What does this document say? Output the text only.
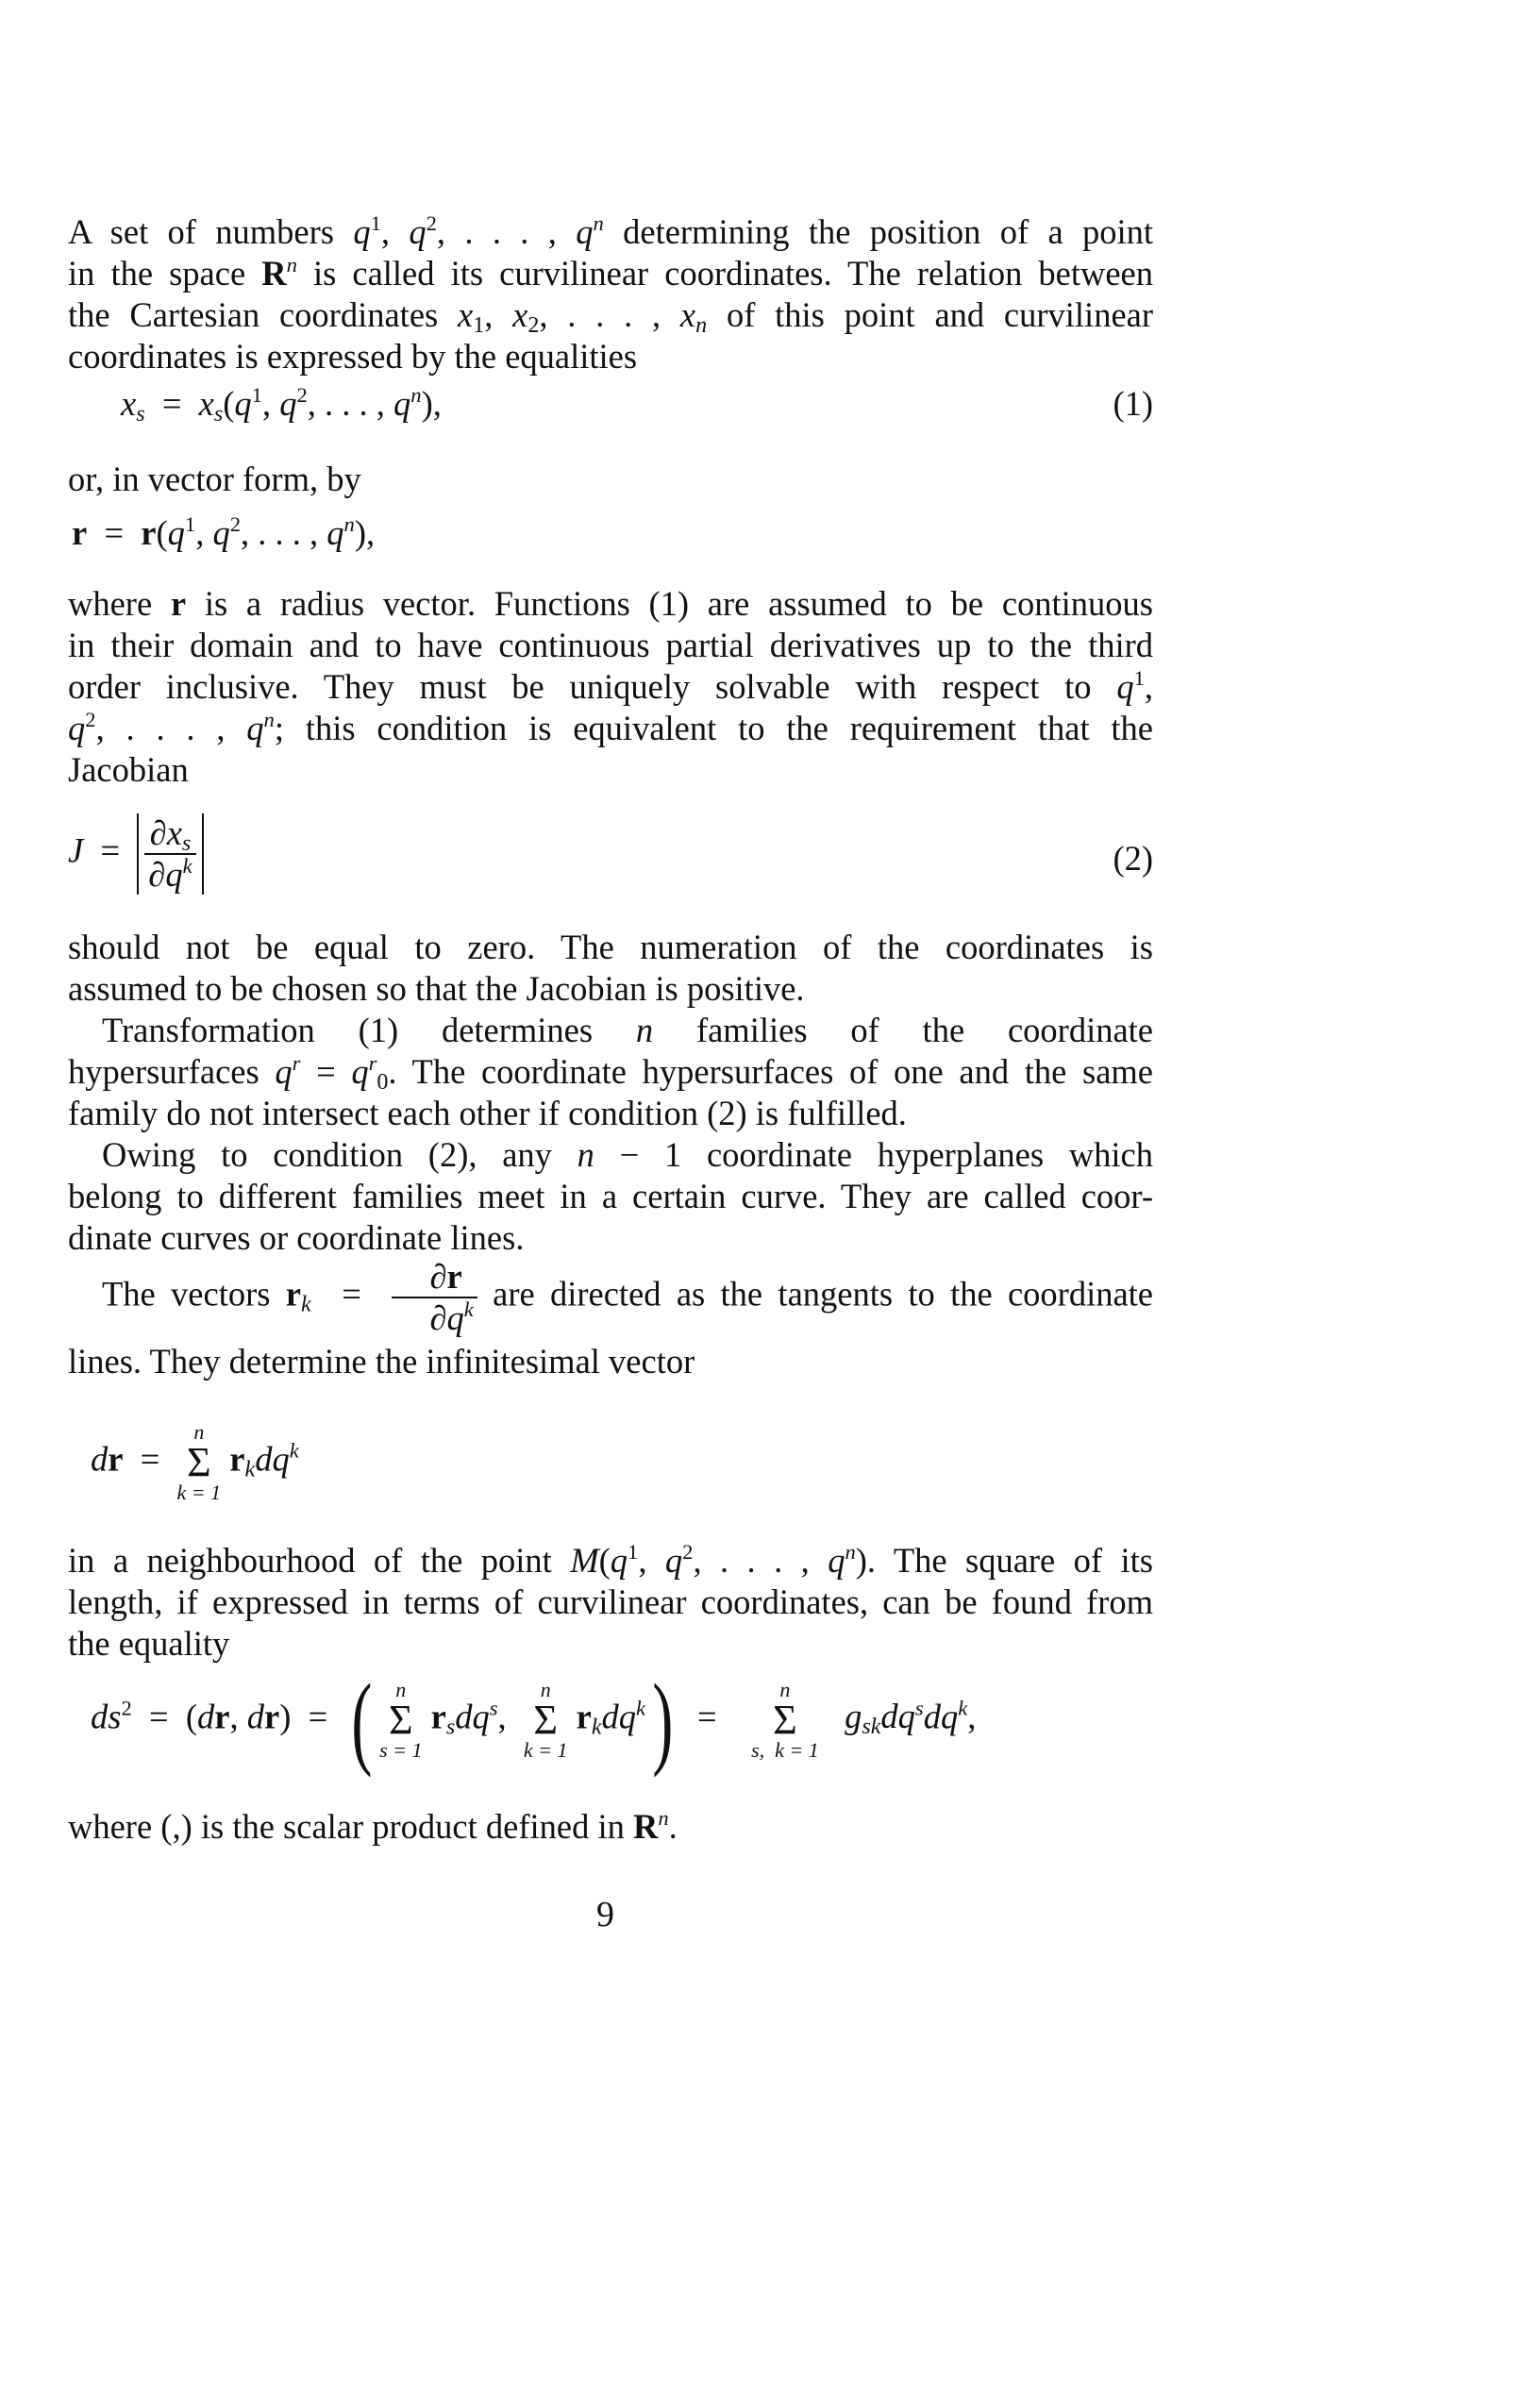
A set of numbers $q^1$, $q^2$, . . . , $q^n$ determining the position of a point
in the space $R^n$ is called its curvilinear coordinates. The relation between
the Cartesian coordinates $x_1$, $x_2$, . . . , $x_n$ of this point and curvilinear
coordinates is expressed by the equalities
$x_s = x_s(q^1$, $q^2$, . . . , $q^n$),	(1)
or, in vector form, by
$r = r(q^1$, $q^2$, . . . , $q^n$),
where r is a radius vector. Functions (1) are assumed to be continuous
in their domain and to have continuous partial derivatives up to the third
order inclusive. They must be uniquely solvable with respect to $q^1$,
$q^2$, . . . , $q^n$; this condition is equivalent to the requirement that the
Jacobian
$J = \frac{\partial x_s}{\partial q^k}$	(2)
should not be equal to zero. The numeration of the coordinates is
assumed to be chosen so that the Jacobian is positive.
Transformation (1) determines n families of the coordinate
hypersurfaces $q^r = q^r_0$. The coordinate hypersurfaces of one and the same
family do not intersect each other if condition (2) is fulfilled.
Owing to condition (2), any n − 1 coordinate hyperplanes which
belong to different families meet in a certain curve. They are called coor-
dinate curves or coordinate lines.
The vectors $r_k = \frac{\partial r}{\partial q^k}$ are directed as the tangents to the coordinate
lines. They determine the infinitesimal vector
dr  =
n
Σ
k = 1
$r_kdq^k$
in a neighbourhood of the point $M(q^1$, $q^2$, . . . , $q^n$). The square of its
length, if expressed in terms of curvilinear coordinates, can be found from
the equality
$ds^2 = (dr$, dr)  =  (	n
Σ
s = 1
$r_sdq^s$,
n
Σ
k = 1
$r_kdq^k$)  =
n
Σ
s,  k = 1
$g_{sk}dq^sdq^k$,
where (,) is the scalar product defined in $R^n$.
9
